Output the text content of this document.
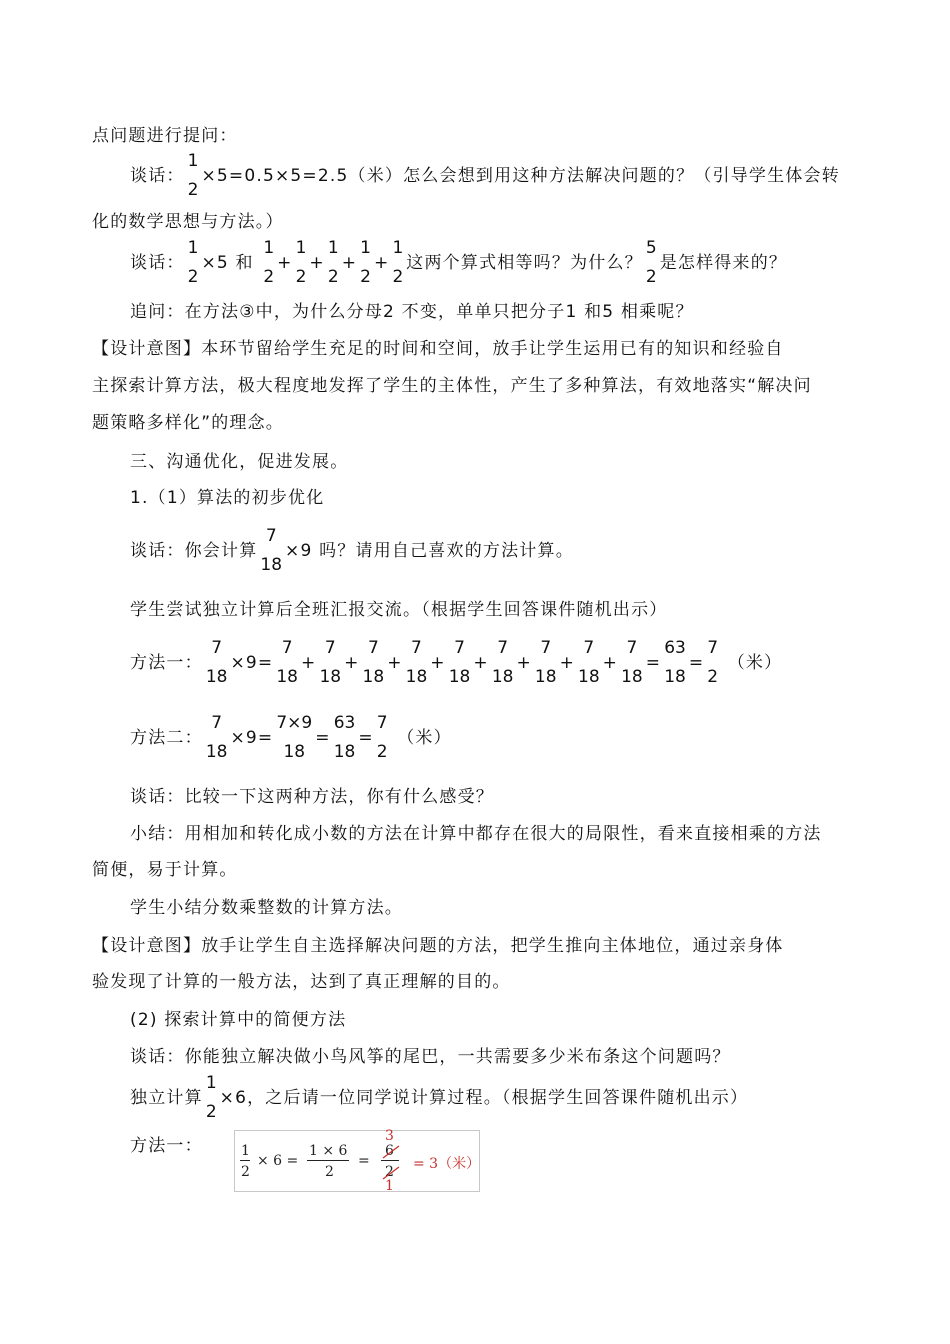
点问题进行提问：
谈话：
1
2
×5=0.5×5=2.5（米）怎么会想到用这种方法解决问题的？（引导学生体会转
化的数学思想与方法。）
谈话：
1
2
×5 和
1
2
+
1
2
+
1
2
+
1
2
+
1
2
这两个算式相等吗？为什么？
5
2
是怎样得来的？
追问：在方法③中，为什么分母2 不变，单单只把分子1 和5 相乘呢？
【设计意图】本环节留给学生充足的时间和空间，放手让学生运用已有的知识和经验自
主探索计算方法，极大程度地发挥了学生的主体性，产生了多种算法，有效地落实“解决问
题策略多样化”的理念。
三、沟通优化，促进发展。
1.（1）算法的初步优化
谈话：你会计算
7
18
×9 吗？请用自己喜欢的方法计算。
学生尝试独立计算后全班汇报交流。（根据学生回答课件随机出示）
方法一：
7
18
×9=
7
18
+
7
18
+
7
18
+
7
18
+
7
18
+
7
18
+
7
18
+
7
18
+
7
18
=
63
18
=
7
2
（米）
方法二：
7
18
×9=
7×9
18
=
63
18
=
7
2
（米）
谈话：比较一下这两种方法，你有什么感受？
小结：用相加和转化成小数的方法在计算中都存在很大的局限性，看来直接相乘的方法
简便，易于计算。
学生小结分数乘整数的计算方法。
【设计意图】放手让学生自主选择解决问题的方法，把学生推向主体地位，通过亲身体
验发现了计算的一般方法，达到了真正理解的目的。
(2) 探索计算中的简便方法
谈话：你能独立解决做小鸟风筝的尾巴，一共需要多少米布条这个问题吗？
独立计算
1
2
×6，之后请一位同学说计算过程。（根据学生回答课件随机出示）
方法一：	1
2
× 6 =
1 × 6
2
=
3
6
2
1
= 3（米）
